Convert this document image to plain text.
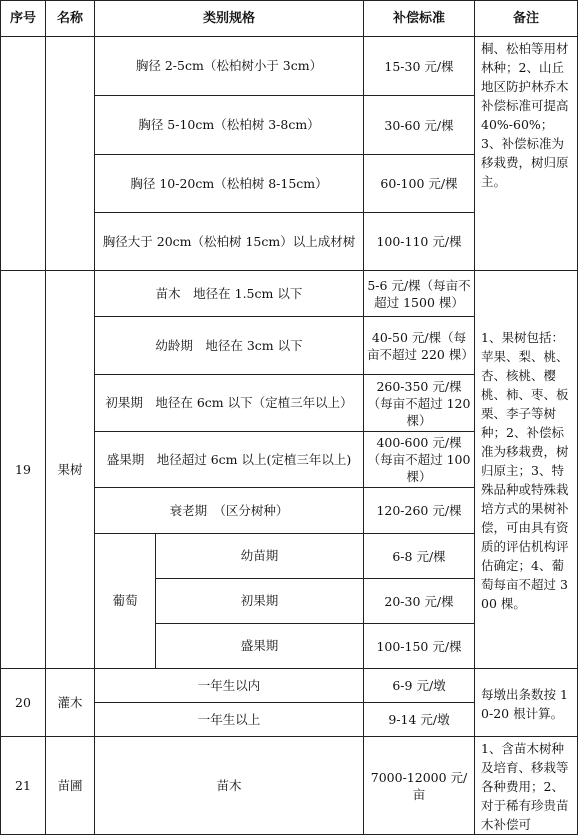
序号	名称	类别规格		补偿标准	备注
		胸径 2-5cm（松柏树小于 3cm）		15-30 元/棵	桐、松柏等用材林种；2、山丘地区防护林乔木补偿标准可提高40%-60%；3、补偿标准为移栽费，树归原主。
		胸径 5-10cm（松柏树 3-8cm）		30-60 元/棵	
		胸径 10-20cm（松柏树 8-15cm）		60-100 元/棵	
		胸径大于 20cm（松柏树 15cm）以上成材树		100-110 元/棵	
19	果树	苗木　地径在 1.5cm 以下		5-6 元/棵（每亩不超过 1500 棵）	1、果树包括：苹果、梨、桃、杏、核桃、樱桃、柿、枣、板栗、李子等树种；2、补偿标准为移栽费，树归原主；3、特殊品种或特殊栽培方式的果树补偿，可由具有资质的评估机构评估确定；4、葡萄每亩不超过 300 棵。
		幼龄期　地径在 3cm 以下		40-50 元/棵（每亩不超过 220 棵）	
		初果期　地径在 6cm 以下（定植三年以上）		260-350 元/棵（每亩不超过 120 棵）	
		盛果期　地径超过 6cm 以上(定植三年以上)		400-600 元/棵（每亩不超过 100 棵）	
		衰老期　（区分树种）		120-260 元/棵	
		葡萄	幼苗期	6-8 元/棵	
			初果期	20-30 元/棵	
			盛果期	100-150 元/棵	
20	灌木	一年生以内		6-9 元/墩	每墩出条数按 10-20 根计算。
		一年生以上		9-14 元/墩	
21	苗圃	苗木		7000-12000 元/亩	1、含苗木树种及培育、移栽等各种费用；2、对于稀有珍贵苗木补偿可
